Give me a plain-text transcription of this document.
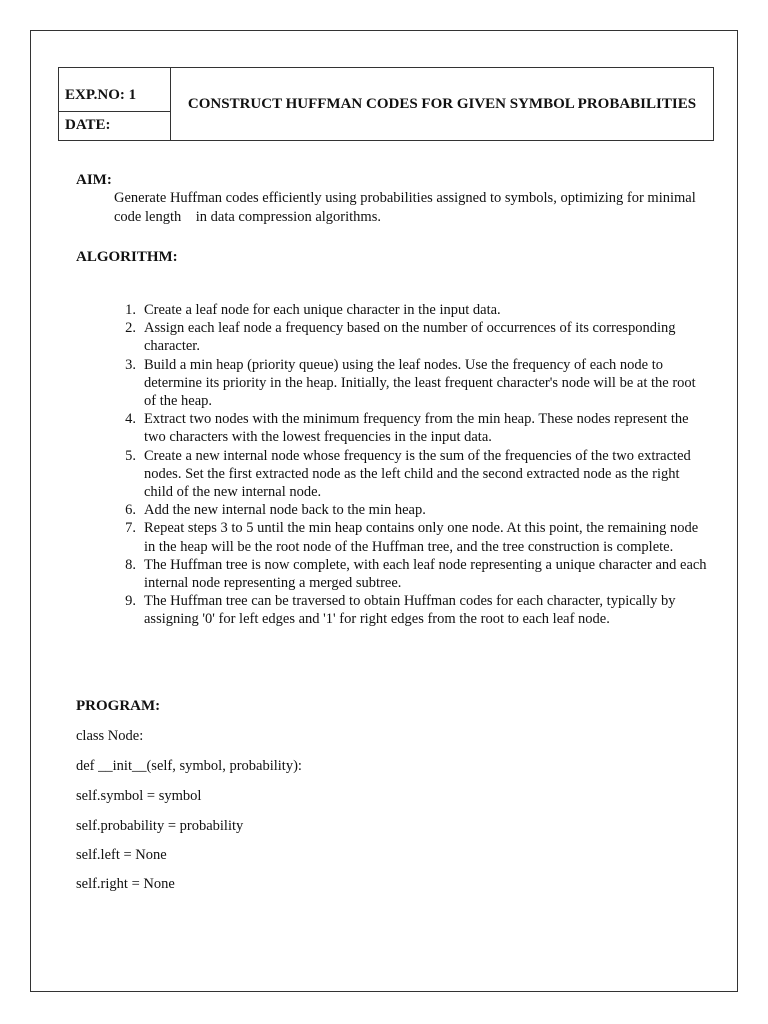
EXP.NO: 1
DATE:
CONSTRUCT HUFFMAN CODES FOR GIVEN SYMBOL PROBABILITIES
AIM:
Generate Huffman codes efficiently using probabilities assigned to symbols, optimizing for minimal code length    in data compression algorithms.
ALGORITHM:
1. Create a leaf node for each unique character in the input data.
2. Assign each leaf node a frequency based on the number of occurrences of its corresponding character.
3. Build a min heap (priority queue) using the leaf nodes. Use the frequency of each node to determine its priority in the heap. Initially, the least frequent character's node will be at the root of the heap.
4. Extract two nodes with the minimum frequency from the min heap. These nodes represent the two characters with the lowest frequencies in the input data.
5. Create a new internal node whose frequency is the sum of the frequencies of the two extracted nodes. Set the first extracted node as the left child and the second extracted node as the right child of the new internal node.
6. Add the new internal node back to the min heap.
7. Repeat steps 3 to 5 until the min heap contains only one node. At this point, the remaining node in the heap will be the root node of the Huffman tree, and the tree construction is complete.
8. The Huffman tree is now complete, with each leaf node representing a unique character and each internal node representing a merged subtree.
9. The Huffman tree can be traversed to obtain Huffman codes for each character, typically by assigning '0' for left edges and '1' for right edges from the root to each leaf node.
PROGRAM:
class Node:
def __init__(self, symbol, probability):
self.symbol = symbol
self.probability = probability
self.left = None
self.right = None
